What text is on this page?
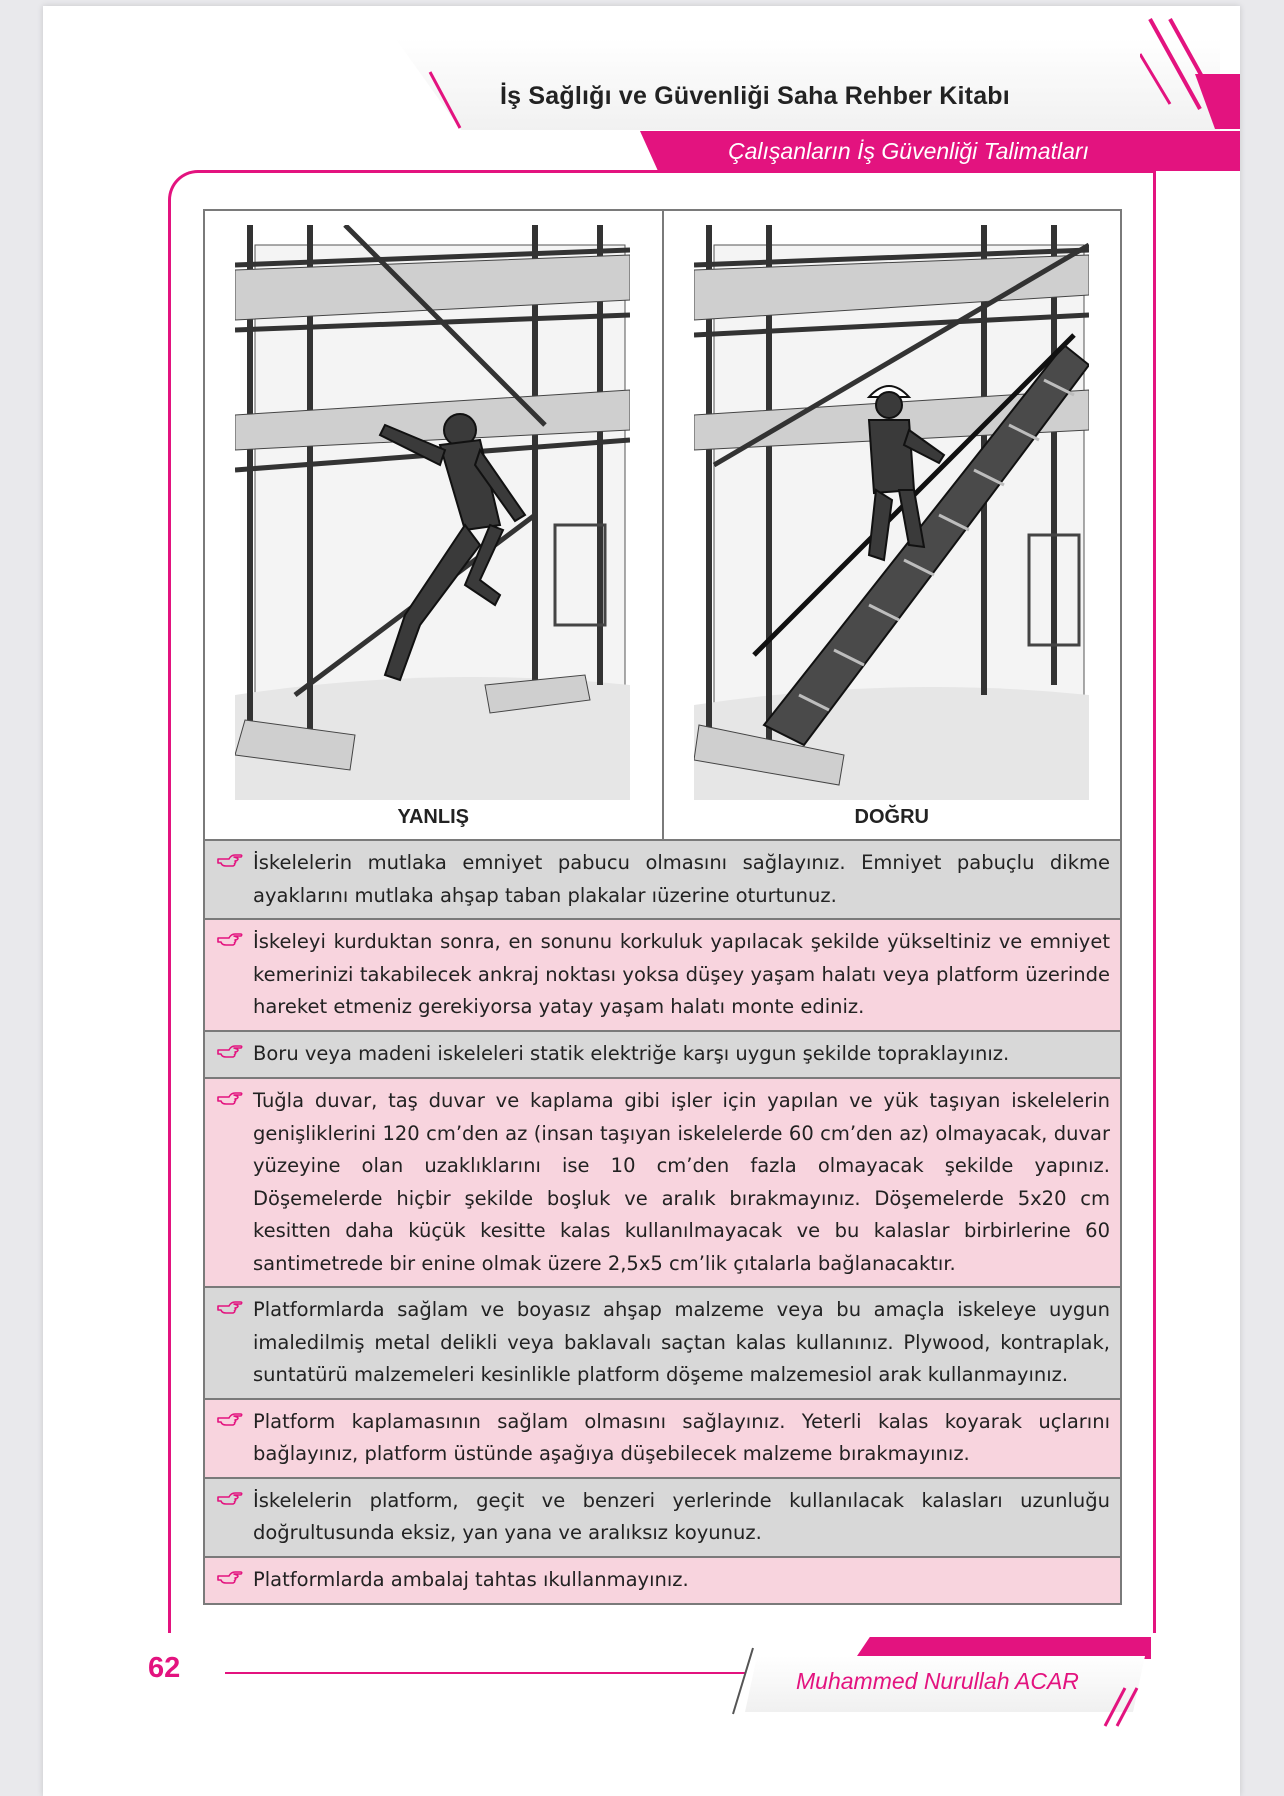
İş Sağlığı ve Güvenliği Saha Rehber Kitabı
Çalışanların İş Güvenliği Talimatları
YANLIŞ	DOĞRU
İskelelerin mutlaka emniyet pabucu olmasını sağlayınız. Emniyet pabuçlu dikme ayaklarını mutlaka ahşap taban plakalar ıüzerine oturtunuz.
İskeleyi kurduktan sonra, en sonunu korkuluk yapılacak şekilde yükseltiniz ve emniyet kemerinizi takabilecek ankraj noktası yoksa düşey yaşam halatı veya platform üzerinde hareket etmeniz gerekiyorsa yatay yaşam halatı monte ediniz.
Boru veya madeni iskeleleri statik elektriğe karşı uygun şekilde topraklayınız.
Tuğla duvar, taş duvar ve kaplama gibi işler için yapılan ve yük taşıyan iskelelerin genişliklerini 120 cm’den az (insan taşıyan iskelelerde 60 cm’den az) olmayacak, duvar yüzeyine olan uzaklıklarını ise 10 cm’den fazla olmayacak şekilde yapınız. Döşemelerde hiçbir şekilde boşluk ve aralık bırakmayınız. Döşemelerde 5x20 cm kesitten daha küçük kesitte kalas kullanılmayacak ve bu kalaslar birbirlerine 60 santimetrede bir enine olmak üzere 2,5x5 cm’lik çıtalarla bağlanacaktır.
Platformlarda sağlam ve boyasız ahşap malzeme veya bu amaçla iskeleye uygun imaledilmiş metal delikli veya baklavalı saçtan kalas kullanınız. Plywood, kontraplak, suntatürü malzemeleri kesinlikle platform döşeme malzemesiol arak kullanmayınız.
Platform kaplamasının sağlam olmasını sağlayınız. Yeterli kalas koyarak uçlarını bağlayınız, platform üstünde aşağıya düşebilecek malzeme bırakmayınız.
İskelelerin platform, geçit ve benzeri yerlerinde kullanılacak kalasları uzunluğu doğrultusunda eksiz, yan yana ve aralıksız koyunuz.
Platformlarda ambalaj tahtas ıkullanmayınız.
62	Muhammed Nurullah ACAR
